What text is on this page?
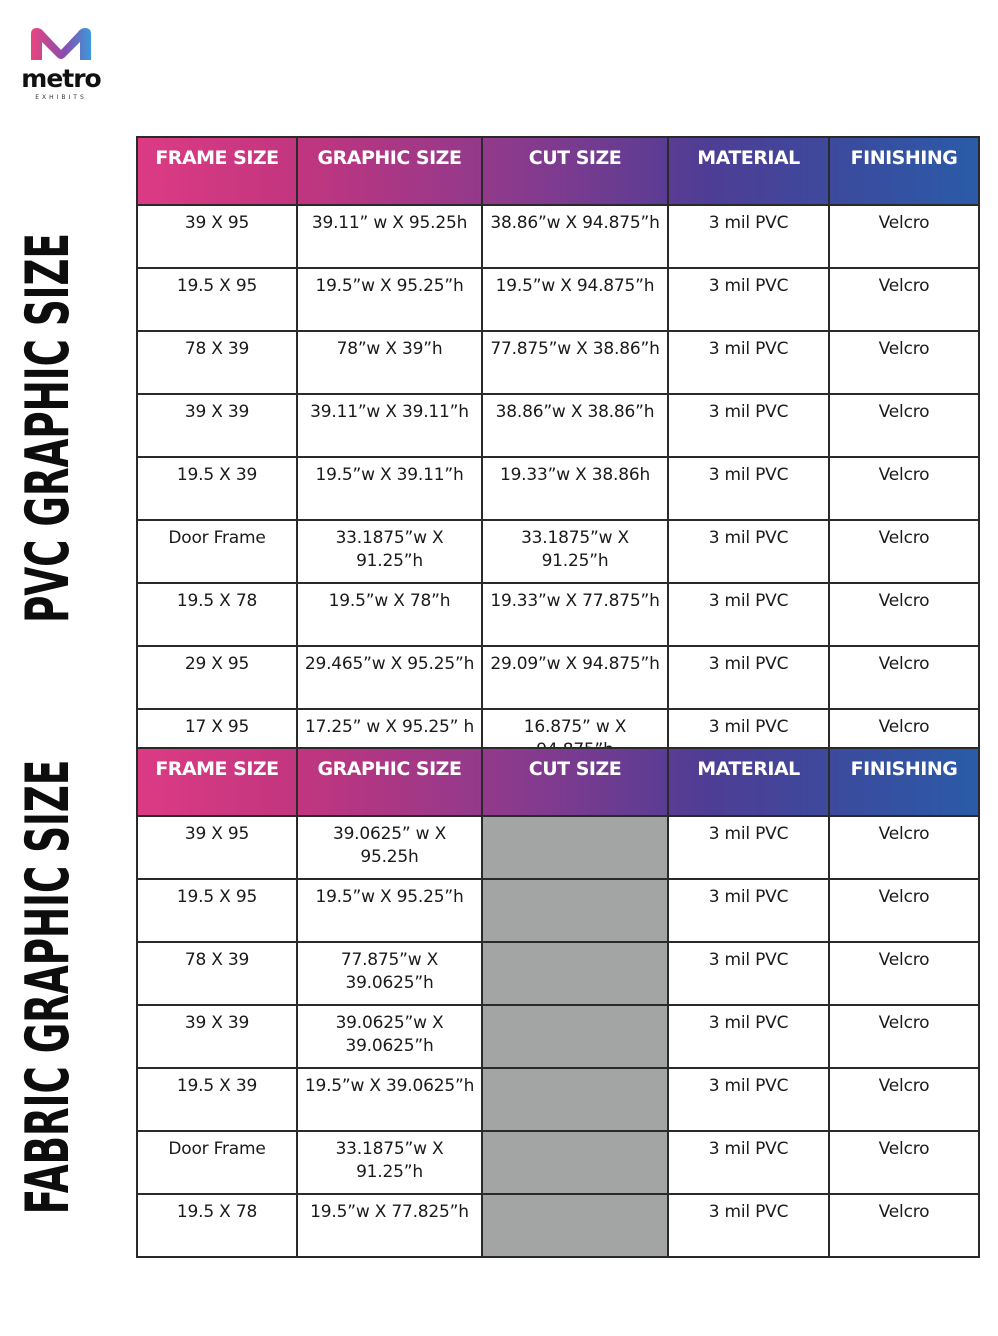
metro
EXHIBITS
PVC GRAPHIC SIZE
FABRIC GRAPHIC SIZE
FRAME SIZE	GRAPHIC SIZE	CUT SIZE	MATERIAL	FINISHING
39 X 95	39.11” w X 95.25h	38.86”w X 94.875”h	3 mil PVC	Velcro
19.5 X 95	19.5”w X 95.25”h	19.5”w X 94.875”h	3 mil PVC	Velcro
78 X 39	78”w X 39”h	77.875”w X 38.86”h	3 mil PVC	Velcro
39 X 39	39.11”w X 39.11”h	38.86”w X 38.86”h	3 mil PVC	Velcro
19.5 X 39	19.5”w X 39.11”h	19.33”w X 38.86h	3 mil PVC	Velcro
Door Frame	33.1875”w X 91.25”h	33.1875”w X 91.25”h	3 mil PVC	Velcro
19.5 X 78	19.5”w X 78”h	19.33”w X 77.875”h	3 mil PVC	Velcro
29 X 95	29.465”w X 95.25”h	29.09”w X 94.875”h	3 mil PVC	Velcro
17 X 95	17.25” w X 95.25” h	16.875” w X 94.875”h	3 mil PVC	Velcro
FRAME SIZE	GRAPHIC SIZE	CUT SIZE	MATERIAL	FINISHING
39 X 95	39.0625” w X 95.25h		3 mil PVC	Velcro
19.5 X 95	19.5”w X 95.25”h		3 mil PVC	Velcro
78 X 39	77.875”w X 39.0625”h		3 mil PVC	Velcro
39 X 39	39.0625”w X 39.0625”h		3 mil PVC	Velcro
19.5 X 39	19.5”w X 39.0625”h		3 mil PVC	Velcro
Door Frame	33.1875”w X 91.25”h		3 mil PVC	Velcro
19.5 X 78	19.5”w X 77.825”h		3 mil PVC	Velcro
